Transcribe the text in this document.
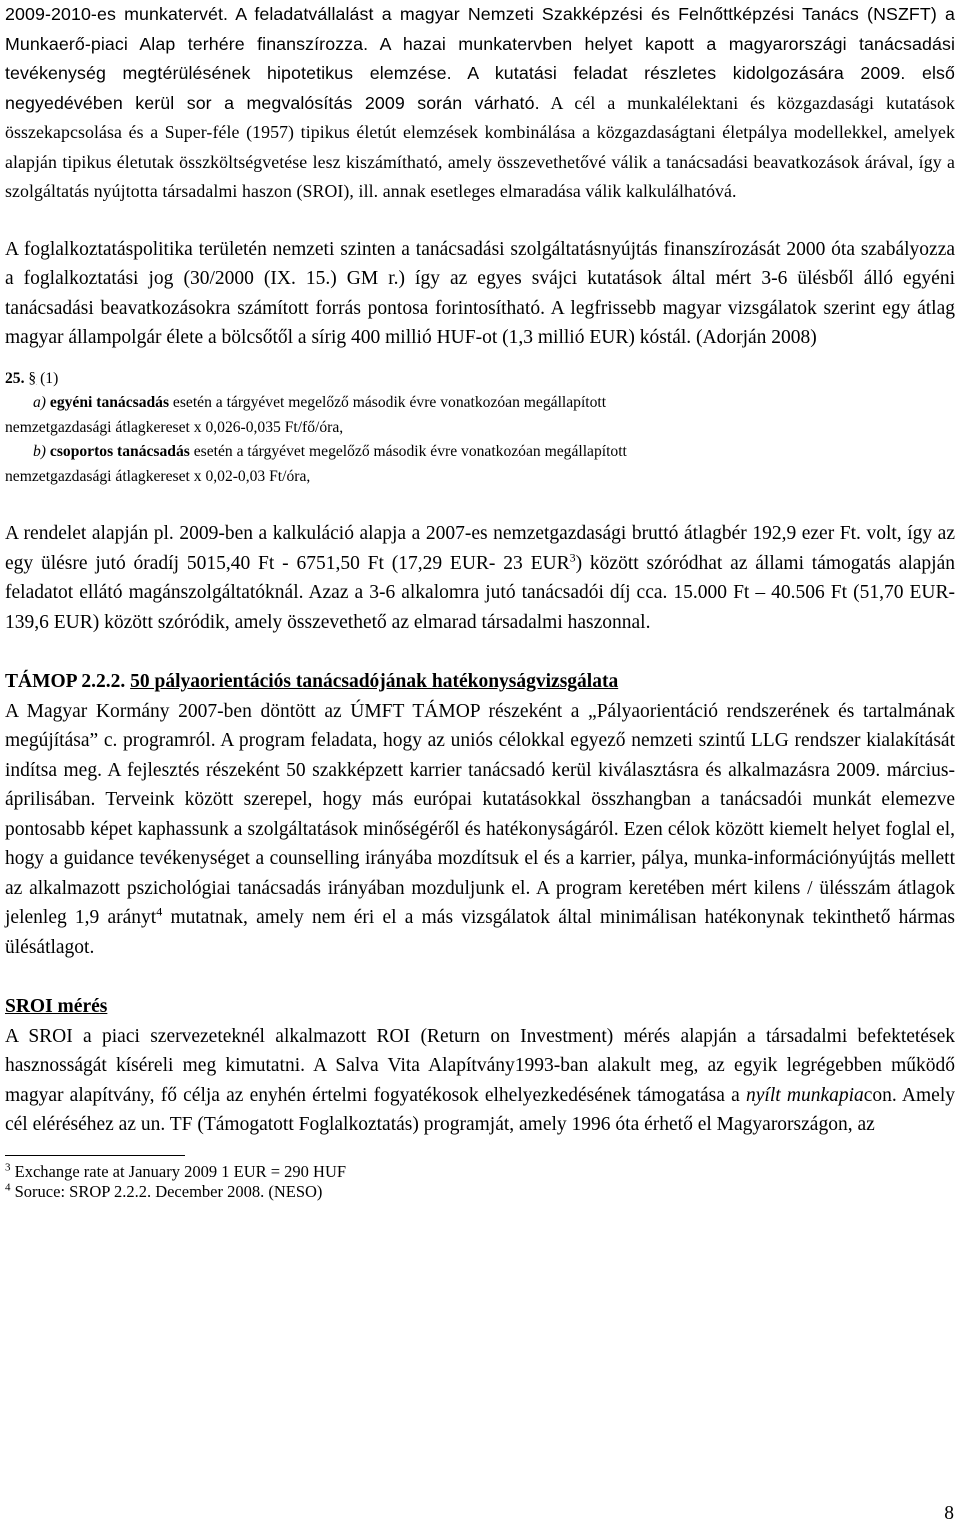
2009-2010-es munkatervét. A feladatvállalást a magyar Nemzeti Szakképzési és Felnőttképzési Tanács (NSZFT) a Munkaerő-piaci Alap terhére finanszírozza. A hazai munkatervben helyet kapott a magyarországi tanácsadási tevékenység megtérülésének hipotetikus elemzése. A kutatási feladat részletes kidolgozására 2009. első negyedévében kerül sor a megvalósítás 2009 során várható. A cél a munkalélektani és közgazdasági kutatások összekapcsolása és a Super-féle (1957) tipikus életút elemzések kombinálása a közgazdaságtani életpálya modellekkel, amelyek alapján tipikus életutak összköltségvetése lesz kiszámítható, amely összevethetővé válik a tanácsadási beavatkozások árával, így a szolgáltatás nyújtotta társadalmi haszon (SROI), ill. annak esetleges elmaradása válik kalkulálhatóvá.

A foglalkoztatáspolitika területén nemzeti szinten a tanácsadási szolgáltatásnyújtás finanszírozását 2000 óta szabályozza a foglalkoztatási jog (30/2000 (IX. 15.) GM r.) így az egyes svájci kutatások által mért 3-6 ülésből álló egyéni tanácsadási beavatkozásokra számított forrás pontosa forintosítható. A legfrissebb magyar vizsgálatok szerint egy átlag magyar állampolgár élete a bölcsőtől a sírig 400 millió HUF-ot (1,3 millió EUR) kóstál. (Adorján 2008)

25. § (1)

a) egyéni tanácsadás esetén a tárgyévet megelőző második évre vonatkozóan megállapított

nemzetgazdasági átlagkereset x 0,026-0,035 Ft/fő/óra,

b) csoportos tanácsadás esetén a tárgyévet megelőző második évre vonatkozóan megállapított

nemzetgazdasági átlagkereset x 0,02-0,03 Ft/óra,

A rendelet alapján pl. 2009-ben a kalkuláció alapja a 2007-es nemzetgazdasági bruttó átlagbér 192,9 ezer Ft. volt, így az egy ülésre jutó óradíj 5015,40 Ft - 6751,50 Ft (17,29 EUR- 23 EUR$^3$) között szóródhat az állami támogatás alapján feladatot ellátó magánszolgáltatóknál. Azaz a 3-6 alkalomra jutó tanácsadói díj cca. 15.000 Ft – 40.506 Ft (51,70 EUR- 139,6 EUR) között szóródik, amely összevethető az elmarad társadalmi haszonnal.

TÁMOP 2.2.2. 50 pályaorientációs tanácsadójának hatékonyságvizsgálata

A Magyar Kormány 2007-ben döntött az ÚMFT TÁMOP részeként a „Pályaorientáció rendszerének és tartalmának megújítása” c. programról. A program feladata, hogy az uniós célokkal egyező nemzeti szintű LLG rendszer kialakítását indítsa meg. A fejlesztés részeként 50 szakképzett karrier tanácsadó kerül kiválasztásra és alkalmazásra 2009. március-áprilisában. Terveink között szerepel, hogy más európai kutatásokkal összhangban a tanácsadói munkát elemezve pontosabb képet kaphassunk a szolgáltatások minőségéről és hatékonyságáról. Ezen célok között kiemelt helyet foglal el, hogy a guidance tevékenységet a counselling irányába mozdítsuk el és a karrier, pálya, munka-információnyújtás mellett az alkalmazott pszichológiai tanácsadás irányában mozduljunk el. A program keretében mért kilens / ülésszám átlagok jelenleg 1,9 arányt$^4$ mutatnak, amely nem éri el a más vizsgálatok által minimálisan hatékonynak tekinthető hármas ülésátlagot.

SROI mérés

A SROI a piaci szervezeteknél alkalmazott ROI (Return on Investment) mérés alapján a társadalmi befektetések hasznosságát kíséreli meg kimutatni. A Salva Vita Alapítvány1993-ban alakult meg, az egyik legrégebben működő magyar alapítvány, fő célja az enyhén értelmi fogyatékosok elhelyezkedésének támogatása a nyílt munkapiacon. Amely cél eléréséhez az un. TF (Támogatott Foglalkoztatás) programját, amely 1996 óta érhető el Magyarországon, az

$^3$ Exchange rate at January 2009 1 EUR = 290 HUF

$^4$ Soruce: SROP 2.2.2. December 2008. (NESO)

8
